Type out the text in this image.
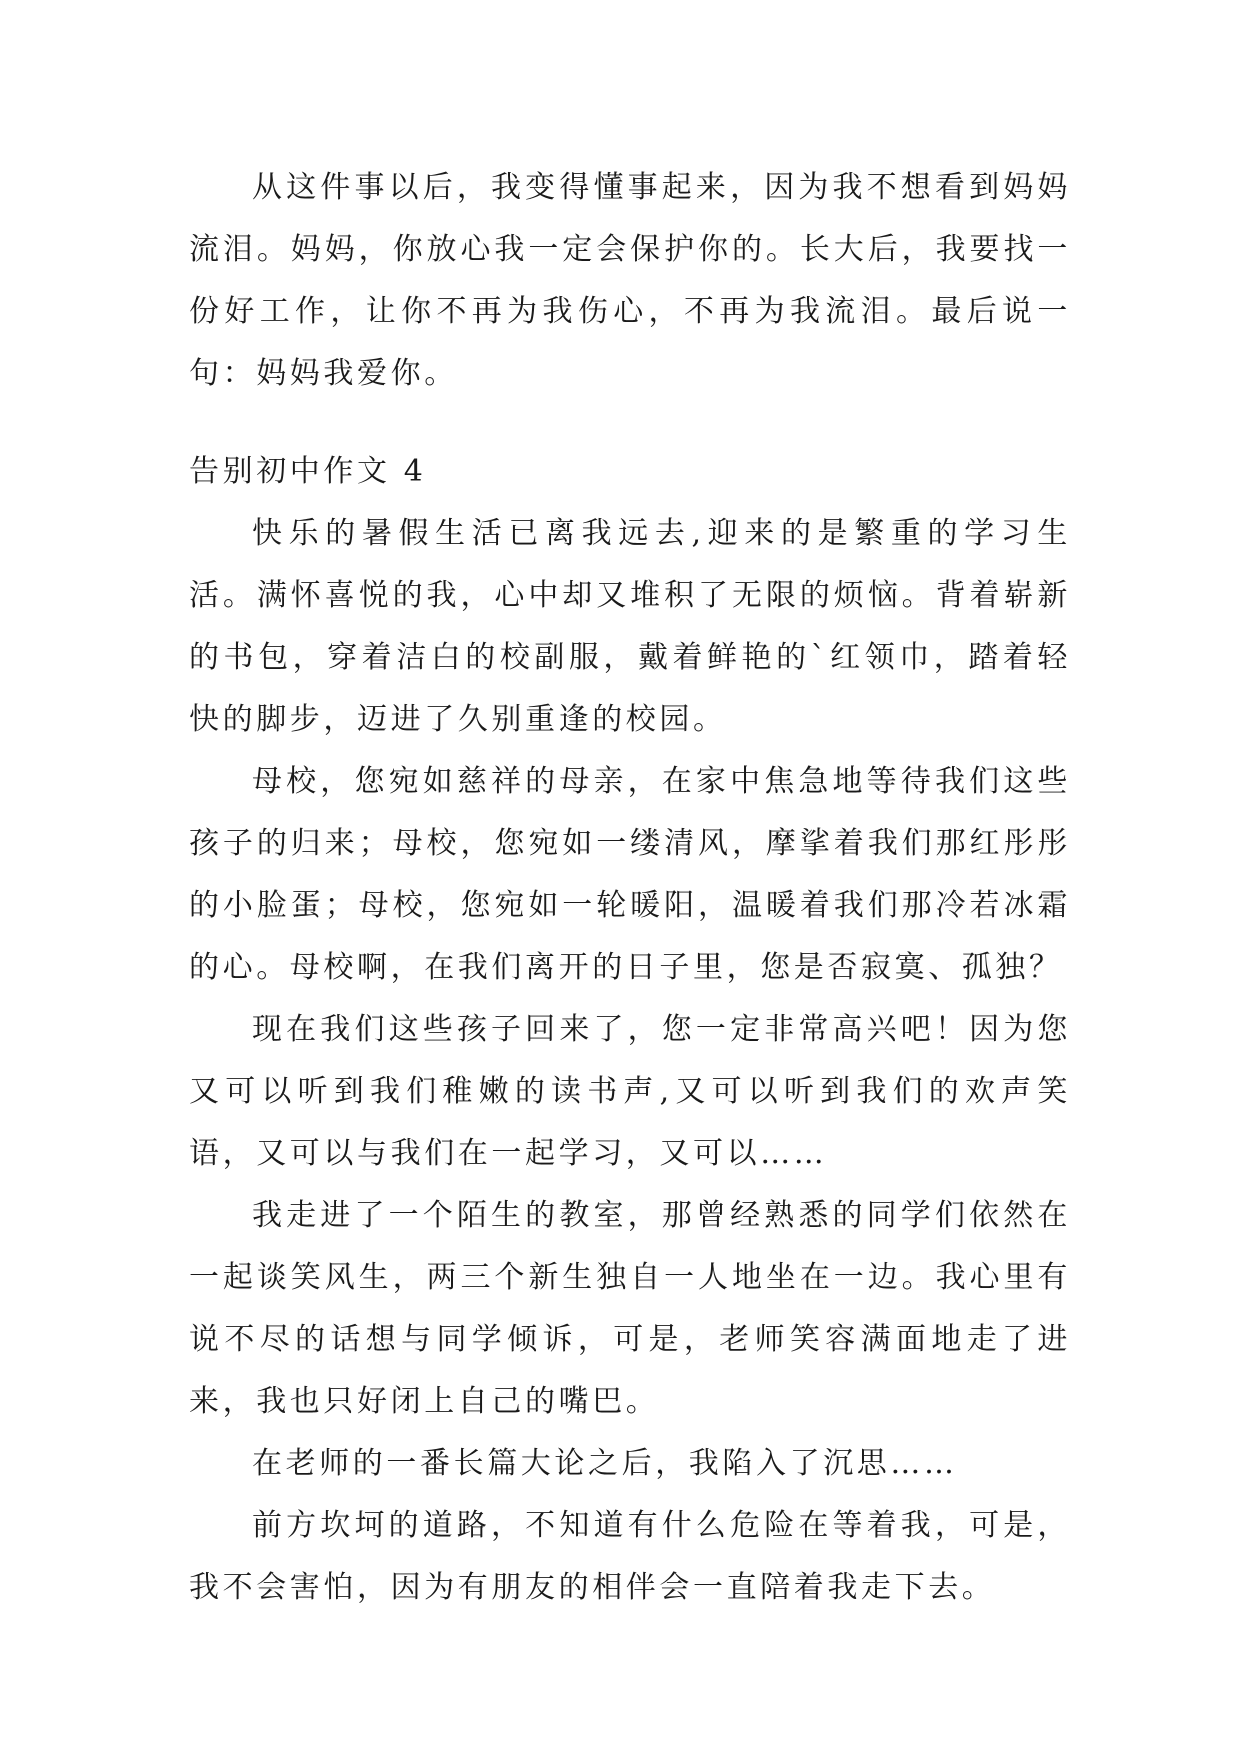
从这件事以后，我变得懂事起来，因为我不想看到妈妈流泪。妈妈，你放心我一定会保护你的。长大后，我要找一份好工作，让你不再为我伤心，不再为我流泪。最后说一句：妈妈我爱你。

告别初中作文 4

快乐的暑假生活已离我远去,迎来的是繁重的学习生活。满怀喜悦的我，心中却又堆积了无限的烦恼。背着崭新的书包，穿着洁白的校副服，戴着鲜艳的`红领巾，踏着轻快的脚步，迈进了久别重逢的校园。

母校，您宛如慈祥的母亲，在家中焦急地等待我们这些孩子的归来；母校，您宛如一缕清风，摩挲着我们那红彤彤的小脸蛋；母校，您宛如一轮暖阳，温暖着我们那冷若冰霜的心。母校啊，在我们离开的日子里，您是否寂寞、孤独？

现在我们这些孩子回来了，您一定非常高兴吧！因为您又可以听到我们稚嫩的读书声,又可以听到我们的欢声笑语，又可以与我们在一起学习，又可以……

我走进了一个陌生的教室，那曾经熟悉的同学们依然在一起谈笑风生，两三个新生独自一人地坐在一边。我心里有说不尽的话想与同学倾诉，可是，老师笑容满面地走了进来，我也只好闭上自己的嘴巴。

在老师的一番长篇大论之后，我陷入了沉思……

前方坎坷的道路，不知道有什么危险在等着我，可是，我不会害怕，因为有朋友的相伴会一直陪着我走下去。
